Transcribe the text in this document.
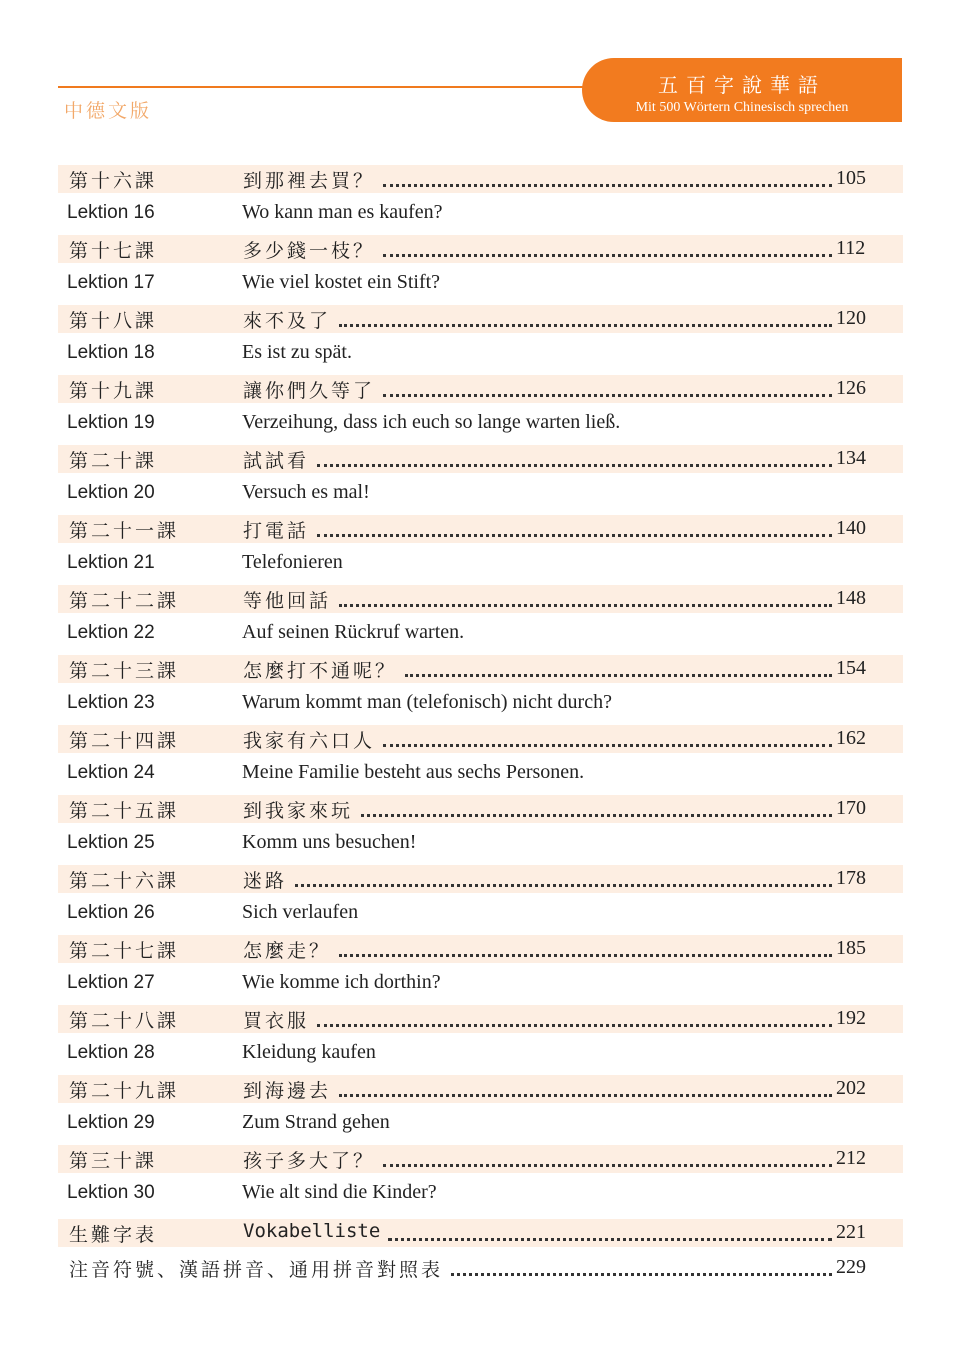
中德文版
五百字說華語
Mit 500 Wörtern Chinesisch sprechen
第十六課	到那裡去買？	105
Lektion 16	Wo kann man es kaufen?
第十七課	多少錢一枝？	112
Lektion 17	Wie viel kostet ein Stift?
第十八課	來不及了	120
Lektion 18	Es ist zu spät.
第十九課	讓你們久等了	126
Lektion 19	Verzeihung, dass ich euch so lange warten ließ.
第二十課	試試看	134
Lektion 20	Versuch es mal!
第二十一課	打電話	140
Lektion 21	Telefonieren
第二十二課	等他回話	148
Lektion 22	Auf seinen Rückruf warten.
第二十三課	怎麼打不通呢？	154
Lektion 23	Warum kommt man (telefonisch) nicht durch?
第二十四課	我家有六口人	162
Lektion 24	Meine Familie besteht aus sechs Personen.
第二十五課	到我家來玩	170
Lektion 25	Komm uns besuchen!
第二十六課	迷路	178
Lektion 26	Sich verlaufen
第二十七課	怎麼走？	185
Lektion 27	Wie komme ich dorthin?
第二十八課	買衣服	192
Lektion 28	Kleidung kaufen
第二十九課	到海邊去	202
Lektion 29	Zum Strand gehen
第三十課	孩子多大了？	212
Lektion 30	Wie alt sind die Kinder?
生難字表	Vokabelliste	221
注音符號、漢語拼音、通用拼音對照表	229
